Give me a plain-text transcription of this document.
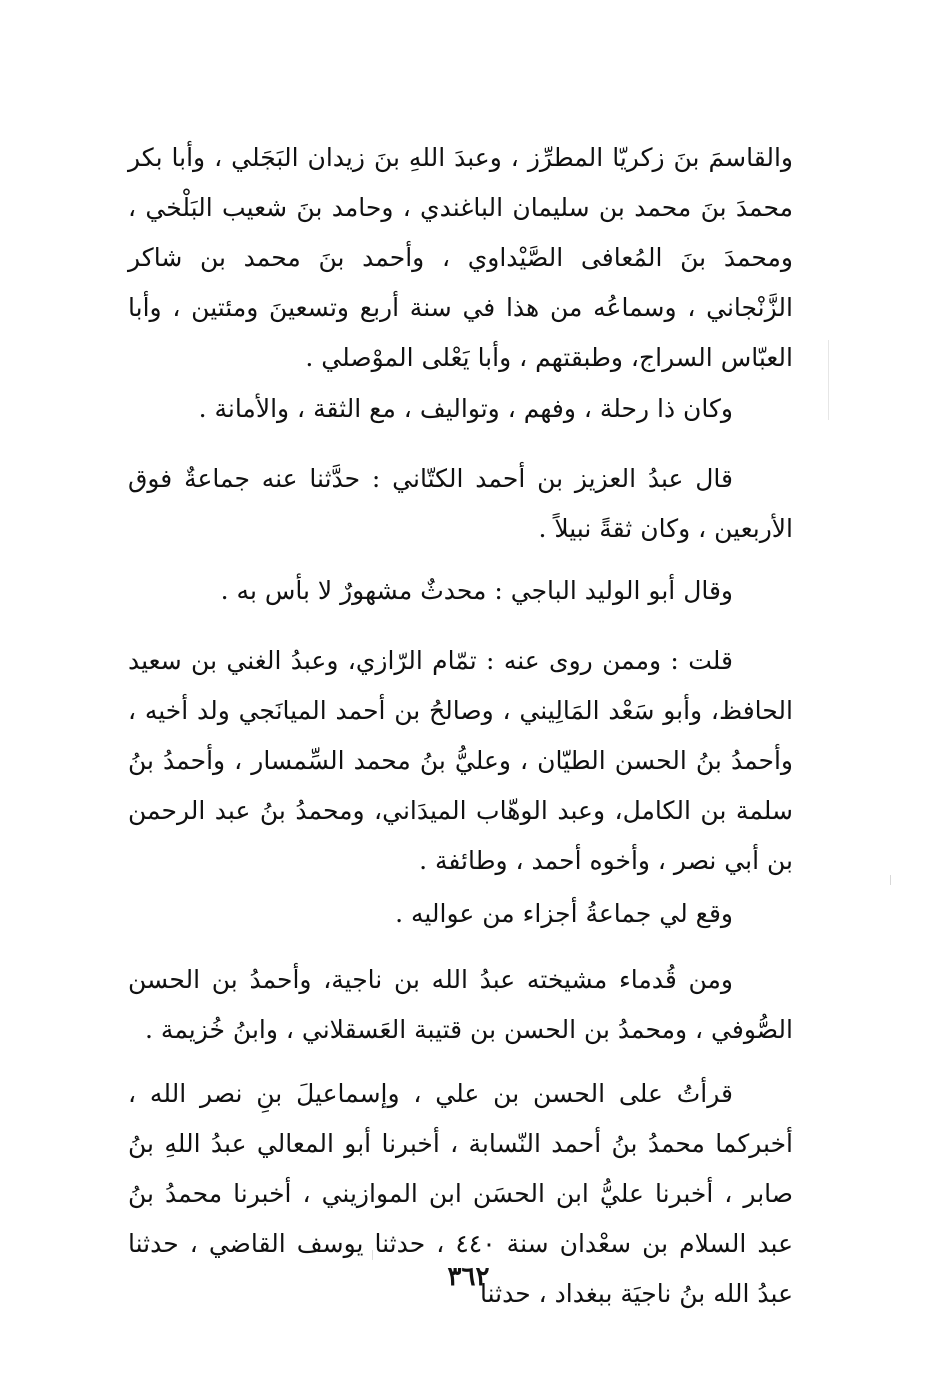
والقاسمَ بنَ زكريّا المطرِّز ، وعبدَ اللهِ بنَ زيدان البَجَلي ، وأبا بكر محمدَ بنَ محمد بن سليمان الباغندي ، وحامد بنَ شعيب البَلْخي ، ومحمدَ بنَ المُعافى الصَّيْداوي ، وأحمد بنَ محمد بن شاكر الزَّنْجاني ، وسماعُه من هذا في سنة أربع وتسعينَ ومئتين ، وأبا العبّاس السراج، وطبقتهم ، وأبا يَعْلى الموْصلي .

وكان ذا رحلة ، وفهم ، وتواليف ، مع الثقة ، والأمانة .

قال عبدُ العزيز بن أحمد الكتّاني : حدَّثنا عنه جماعةٌ فوق الأربعين ، وكان ثقةً نبيلاً .

وقال أبو الوليد الباجي : محدثٌ مشهورٌ لا بأس به .

قلت : وممن روى عنه : تمّام الرّازي، وعبدُ الغني بن سعيد الحافظ، وأبو سَعْد المَالِيني ، وصالحُ بن أحمد الميانَجي ولد أخيه ، وأحمدُ بنُ الحسن الطيّان ، وعليُّ بنُ محمد السِّمسار ، وأحمدُ بنُ سلمة بن الكامل، وعبد الوهّاب الميدَاني، ومحمدُ بنُ عبد الرحمن بن أبي نصر ، وأخوه أحمد ، وطائفة .

وقع لي جماعةُ أجزاء من عواليه .

ومن قُدماء مشيخته عبدُ الله بن ناجية، وأحمدُ بن الحسن الصُّوفي ، ومحمدُ بن الحسن بن قتيبة العَسقلاني ، وابنُ خُزيمة .

قرأتُ على الحسن بن علي ، وإسماعيلَ بنِ نصر الله ، أخبركما محمدُ بنُ أحمد النّسابة ، أخبرنا أبو المعالي عبدُ اللهِ بنُ صابر ، أخبرنا عليُّ ابن الحسَن ابن الموازيني ، أخبرنا محمدُ بنُ عبد السلام بن سعْدان سنة ٤٤٠ ، حدثنا يوسف القاضي ، حدثنا عبدُ الله بنُ ناجيَة ببغداد ، حدثنا

٣٦٢
